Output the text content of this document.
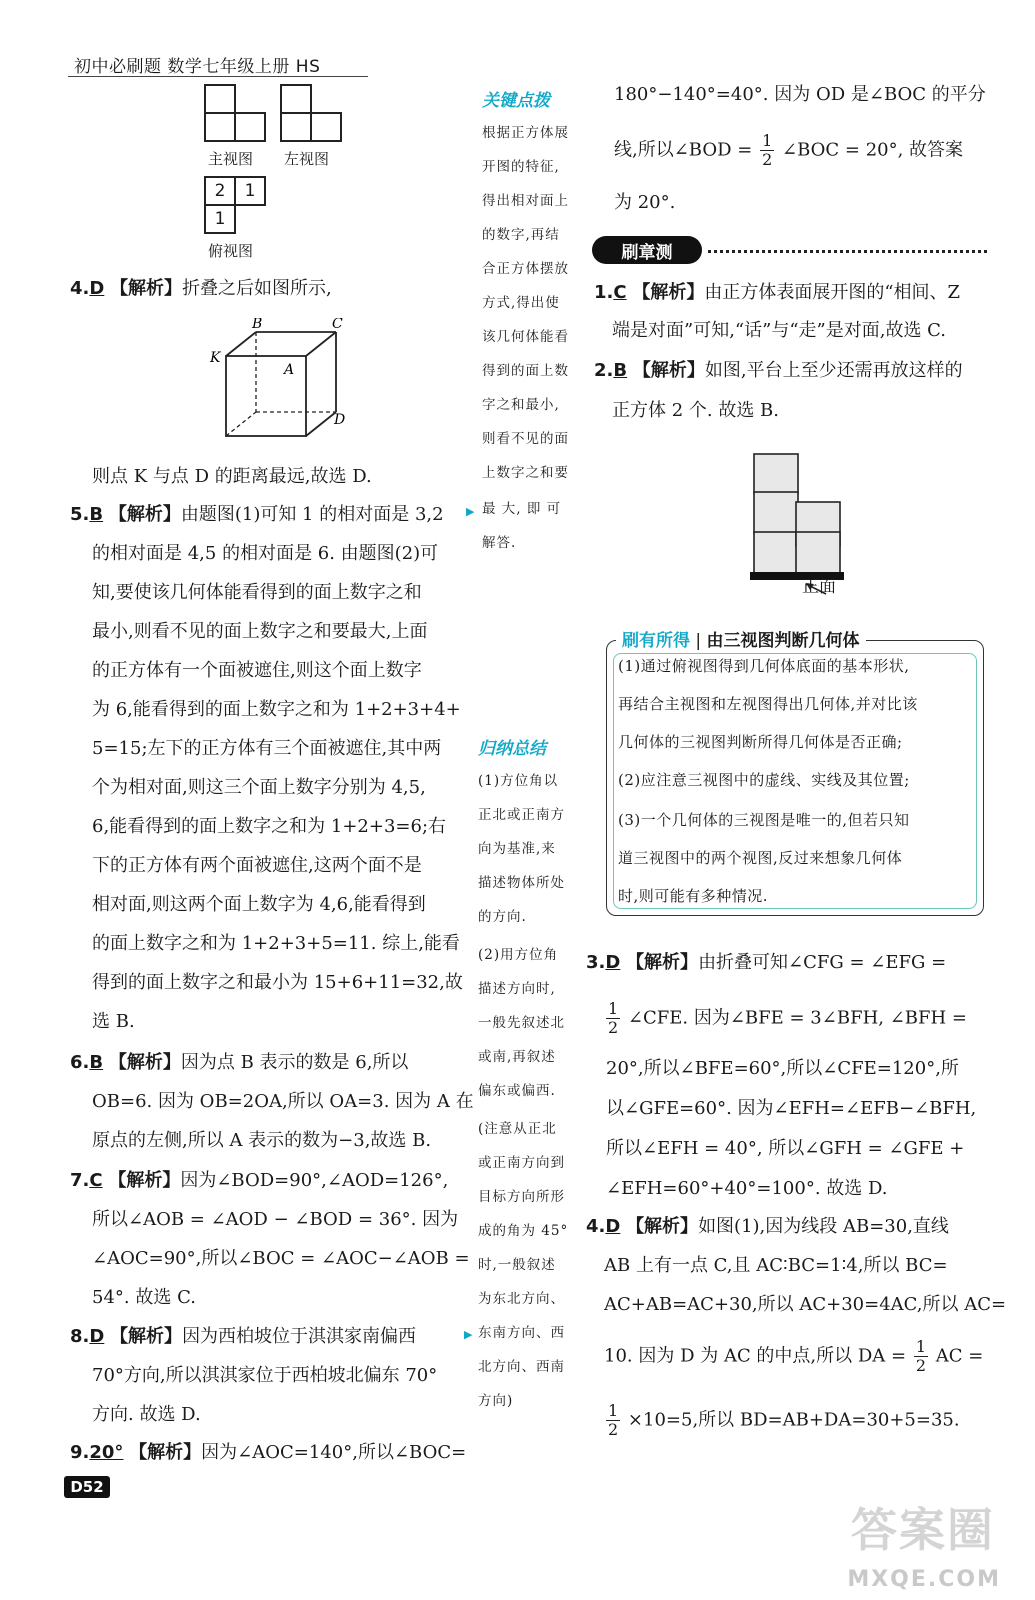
初中必刷题 数学七年级上册 HS
主视图 左视图
2	1
1
俯视图
4.D 【解析】折叠之后如图所示,
B	C
K
A
D
则点 K 与点 D 的距离最远,故选 D.
5.B 【解析】由题图(1)可知 1 的相对面是 3,2
的相对面是 4,5 的相对面是 6. 由题图(2)可
知,要使该几何体能看得到的面上数字之和
最小,则看不见的面上数字之和要最大,上面
的正方体有一个面被遮住,则这个面上数字
为 6,能看得到的面上数字之和为 1+2+3+4+
5=15;左下的正方体有三个面被遮住,其中两
个为相对面,则这三个面上数字分别为 4,5,
6,能看得到的面上数字之和为 1+2+3=6;右
下的正方体有两个面被遮住,这两个面不是
相对面,则这两个面上数字为 4,6,能看得到
的面上数字之和为 1+2+3+5=11. 综上,能看
得到的面上数字之和最小为 15+6+11=32,故
选 B.
6.B 【解析】因为点 B 表示的数是 6,所以
OB=6. 因为 OB=2OA,所以 OA=3. 因为 A 在
原点的左侧,所以 A 表示的数为−3,故选 B.
7.C 【解析】因为∠BOD=90°,∠AOD=126°,
所以∠AOB = ∠AOD − ∠BOD = 36°. 因为
∠AOC=90°,所以∠BOC = ∠AOC−∠AOB =
54°. 故选 C.
8.D 【解析】因为西柏坡位于淇淇家南偏西
70°方向,所以淇淇家位于西柏坡北偏东 70°
方向. 故选 D.
9.20° 【解析】因为∠AOC=140°,所以∠BOC=
关键点拨
根据正方体展
开图的特征,
得出相对面上
的数字,再结
合正方体摆放
方式,得出使
该几何体能看
得到的面上数
字之和最小,
则看不见的面
上数字之和要
最 大, 即 可
解答.
▶
归纳总结
(1)方位角以
正北或正南方
向为基准,来
描述物体所处
的方向.
(2)用方位角
描述方向时,
一般先叙述北
或南,再叙述
偏东或偏西.
(注意从正北
或正南方向到
目标方向所形
成的角为 45°
时,一般叙述
为东北方向、
东南方向、西
北方向、西南
方向)
▶
180°−140°=40°. 因为 OD 是∠BOC 的平分
线,所以∠BOD = $\frac{1}{2}$ ∠BOC = 20°, 故答案
为 20°.
刷章测
1.C 【解析】由正方体表面展开图的“相间、Z
端是对面”可知,“话”与“走”是对面,故选 C.
2.B 【解析】如图,平台上至少还需再放这样的
正方体 2 个. 故选 B.
正面
刷有所得 | 由三视图判断几何体
(1)通过俯视图得到几何体底面的基本形状,
再结合主视图和左视图得出几何体,并对比该
几何体的三视图判断所得几何体是否正确;
(2)应注意三视图中的虚线、实线及其位置;
(3)一个几何体的三视图是唯一的,但若只知
道三视图中的两个视图,反过来想象几何体
时,则可能有多种情况.
3.D 【解析】由折叠可知∠CFG = ∠EFG =
$\frac{1}{2}$ ∠CFE. 因为∠BFE = 3∠BFH, ∠BFH =
20°,所以∠BFE=60°,所以∠CFE=120°,所
以∠GFE=60°. 因为∠EFH=∠EFB−∠BFH,
所以∠EFH = 40°, 所以∠GFH = ∠GFE +
∠EFH=60°+40°=100°. 故选 D.
4.D 【解析】如图(1),因为线段 AB=30,直线
AB 上有一点 C,且 AC∶BC=1∶4,所以 BC=
AC+AB=AC+30,所以 AC+30=4AC,所以 AC=
10. 因为 D 为 AC 的中点,所以 DA = $\frac{1}{2}$ AC =
$\frac{1}{2} \times 10=5$,所以 BD=AB+DA=30+5=35.
D52
答案圈
MXQE.COM
